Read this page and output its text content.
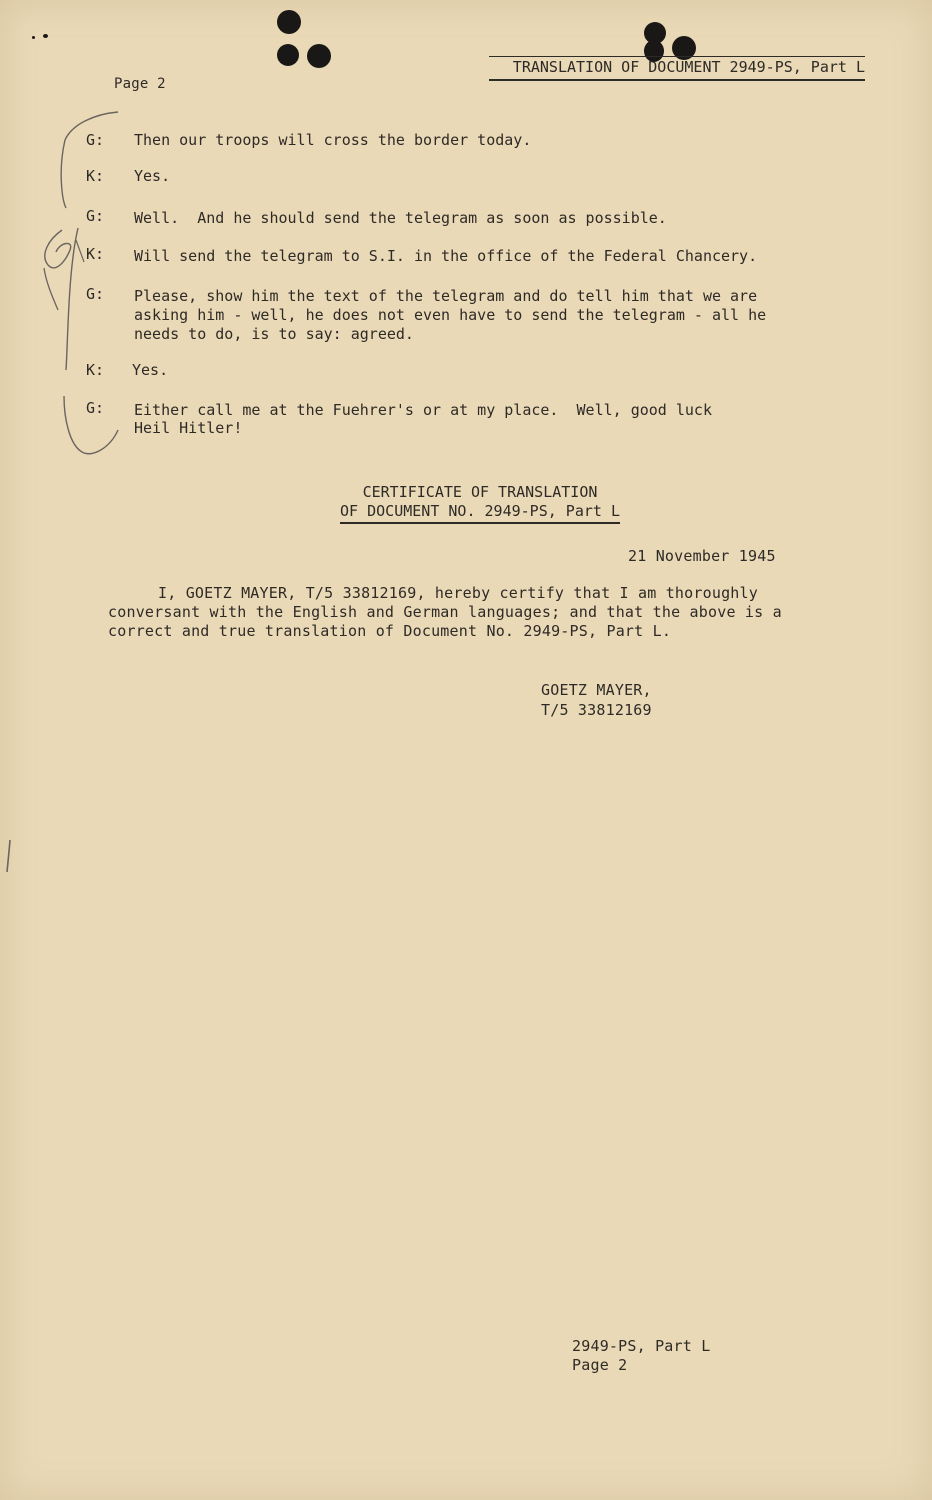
Page 2
TRANSLATION OF DOCUMENT 2949-PS, Part L
G: Then our troops will cross the border today.
K: Yes.
G: Well.  And he should send the telegram as soon as possible.
K: Will send the telegram to S.I. in the office of the Federal Chancery.
G: Please, show him the text of the telegram and do tell him that we are
asking him - well, he does not even have to send the telegram - all he
needs to do, is to say: agreed.
K: Yes.
G: Either call me at the Fuehrer's or at my place.  Well, good luck
Heil Hitler!
CERTIFICATE OF TRANSLATION
OF DOCUMENT NO. 2949-PS, Part L
21 November 1945
I, GOETZ MAYER, T/5 33812169, hereby certify that I am thoroughly
conversant with the English and German languages; and that the above is a
correct and true translation of Document No. 2949-PS, Part L.
GOETZ MAYER,
T/5 33812169
2949-PS, Part L
Page 2
